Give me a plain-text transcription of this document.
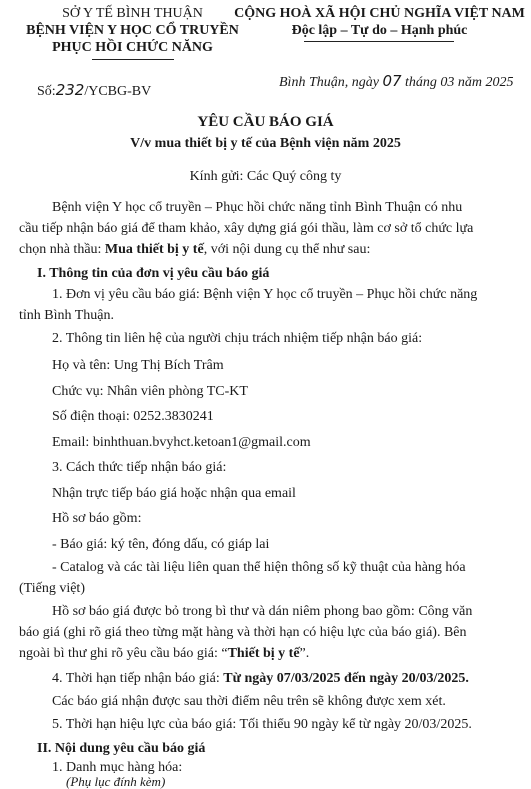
SỞ Y TẾ BÌNH THUẬN
BỆNH VIỆN Y HỌC CỔ TRUYỀN
PHỤC HỒI CHỨC NĂNG
CỘNG HOÀ XÃ HỘI CHỦ NGHĨA VIỆT NAM
Độc lập – Tự do – Hạnh phúc
Bình Thuận, ngày 07 tháng 03 năm 2025
Số:232/YCBG-BV
YÊU CẦU BÁO GIÁ
V/v mua thiết bị y tế của Bệnh viện năm 2025
Kính gửi: Các Quý công ty
Bệnh viện Y học cổ truyền – Phục hồi chức năng tỉnh Bình Thuận có nhu
cầu tiếp nhận báo giá để tham khảo, xây dựng giá gói thầu, làm cơ sở tổ chức lựa
chọn nhà thầu: Mua thiết bị y tế, với nội dung cụ thể như sau:
I. Thông tin của đơn vị yêu cầu báo giá
1. Đơn vị yêu cầu báo giá: Bệnh viện Y học cổ truyền – Phục hồi chức năng
tỉnh Bình Thuận.
2. Thông tin liên hệ của người chịu trách nhiệm tiếp nhận báo giá:
Họ và tên: Ung Thị Bích Trâm
Chức vụ: Nhân viên phòng TC-KT
Số điện thoại: 0252.3830241
Email: binhthuan.bvyhct.ketoan1@gmail.com
3. Cách thức tiếp nhận báo giá:
Nhận trực tiếp báo giá hoặc nhận qua email
Hồ sơ báo gồm:
- Báo giá: ký tên, đóng dấu, có giáp lai
- Catalog và các tài liệu liên quan thể hiện thông số kỹ thuật của hàng hóa
(Tiếng việt)
Hồ sơ báo giá được bỏ trong bì thư và dán niêm phong bao gồm: Công văn
báo giá (ghi rõ giá theo từng mặt hàng và thời hạn có hiệu lực của báo giá). Bên
ngoài bì thư ghi rõ yêu cầu báo giá: “Thiết bị y tế”.
4. Thời hạn tiếp nhận báo giá: Từ ngày 07/03/2025 đến ngày 20/03/2025.
Các báo giá nhận được sau thời điểm nêu trên sẽ không được xem xét.
5. Thời hạn hiệu lực của báo giá: Tối thiểu 90 ngày kể từ ngày 20/03/2025.
II. Nội dung yêu cầu báo giá
1. Danh mục hàng hóa:
(Phụ lục đính kèm)
